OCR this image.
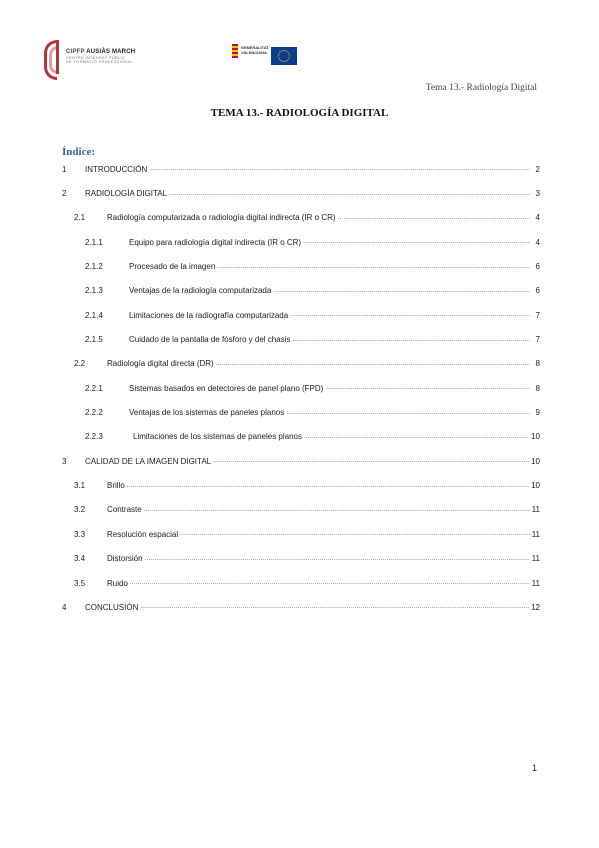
CIPFP AUSIÀS MARCH
CENTRE INTEGRAT PÚBLIC
DE FORMACIÓ PROFESSIONAL
GENERALITAT
VALENCIANA
Tema 13.- Radiología Digital
TEMA 13.- RADIOLOGÍA DIGITAL
Índice:
1	INTRODUCCIÓN .....	2
2	RADIOLOGÍA DIGITAL .....	3
2.1	Radiología computarizada o radiología digital indirecta (IR o CR) .....	4
2.1.1	Equipo para radiología digital indirecta (IR o CR) .....	4
2.1.2	Procesado de la imagen .....	6
2.1.3	Ventajas de la radiología computarizada .....	6
2.1.4	Limitaciones de la radiografía computarizada .....	7
2.1.5	Cuidado de la pantalla de fósforo y del chasis .....	7
2.2	Radiología digital directa (DR) .....	8
2.2.1	Sistemas basados en detectores de panel plano (FPD) .....	8
2.2.2	Ventajas de los sistemas de paneles planos .....	9
2.2.3	Limitaciones de los sistemas de paneles planos .....	10
3	CALIDAD DE LA IMAGEN DIGITAL .....	10
3.1	Brillo .....	10
3.2	Contraste .....	11
3.3	Resolución espacial .....	11
3.4	Distorsión .....	11
3.5	Ruido .....	11
4	CONCLUSIÓN .....	12
1
